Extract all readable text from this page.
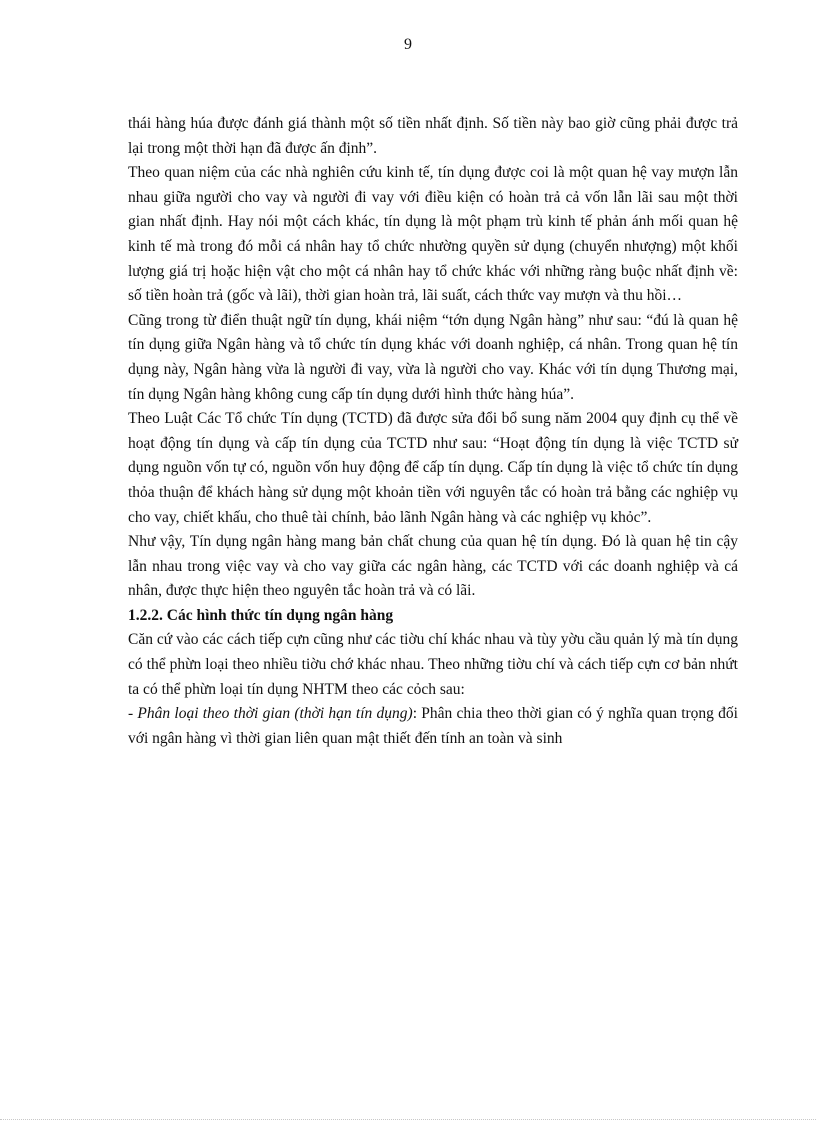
9

thái hàng húa được đánh giá thành một số tiền nhất định. Số tiền này bao giờ cũng phải được trả lại trong một thời hạn đã được ấn định”.

Theo quan niệm của các nhà nghiên cứu kinh tế, tín dụng được coi là một quan hệ vay mượn lẫn nhau giữa người cho vay và người đi vay với điều kiện có hoàn trả cả vốn lẫn lãi sau một thời gian nhất định. Hay nói một cách khác, tín dụng là một phạm trù kinh tế phản ánh mối quan hệ kinh tế mà trong đó mỗi cá nhân hay tổ chức nhường quyền sử dụng (chuyển nhượng) một khối lượng giá trị hoặc hiện vật cho một cá nhân hay tổ chức khác với những ràng buộc nhất định về: số tiền hoàn trả (gốc và lãi), thời gian hoàn trả, lãi suất, cách thức vay mượn và thu hồi…

Cũng trong từ điển thuật ngữ tín dụng, khái niệm “tớn dụng Ngân hàng” như sau: “đú là quan hệ tín dụng giữa Ngân hàng và tổ chức tín dụng khác với doanh nghiệp, cá nhân. Trong quan hệ tín dụng này, Ngân hàng vừa là người đi vay, vừa là người cho vay. Khác với tín dụng Thương mại, tín dụng Ngân hàng không cung cấp tín dụng dưới hình thức hàng húa”.

Theo Luật Các Tổ chức Tín dụng (TCTD) đã được sửa đổi bổ sung năm 2004 quy định cụ thể về hoạt động tín dụng và cấp tín dụng của TCTD như sau: “Hoạt động tín dụng là việc TCTD sử dụng nguồn vốn tự có, nguồn vốn huy động để cấp tín dụng. Cấp tín dụng là việc tổ chức tín dụng thỏa thuận để khách hàng sử dụng một khoản tiền với nguyên tắc có hoàn trả bằng các nghiệp vụ cho vay, chiết khấu, cho thuê tài chính, bảo lãnh Ngân hàng và các nghiệp vụ khỏc”.

Như vậy, Tín dụng ngân hàng mang bản chất chung của quan hệ tín dụng. Đó là quan hệ tin cậy lẫn nhau trong việc vay và cho vay giữa các ngân hàng, các TCTD với các doanh nghiệp và cá nhân, được thực hiện theo nguyên tắc hoàn trả và có lãi.

1.2.2. Các hình thức tín dụng ngân hàng

Căn cứ vào các cách tiếp cựn cũng như các tiờu chí khác nhau và tùy yờu cầu quản lý mà tín dụng có thể phừn loại theo nhiều tiờu chớ khác nhau. Theo những tiờu chí và cách tiếp cựn cơ bản nhứt ta có thể phừn loại tín dụng NHTM theo các cỏch sau:

- Phân loại theo thời gian (thời hạn tín dụng): Phân chia theo thời gian có ý nghĩa quan trọng đối với ngân hàng vì thời gian liên quan mật thiết đến tính an toàn và sinh
